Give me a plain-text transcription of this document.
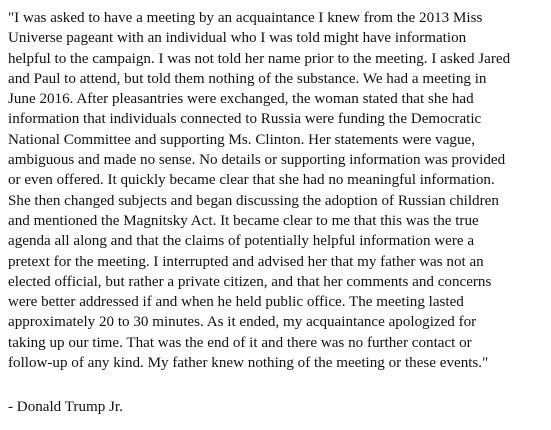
"I was asked to have a meeting by an acquaintance I knew from the 2013 Miss
Universe pageant with an individual who I was told might have information
helpful to the campaign. I was not told her name prior to the meeting. I asked Jared
and Paul to attend, but told them nothing of the substance. We had a meeting in
June 2016. After pleasantries were exchanged, the woman stated that she had
information that individuals connected to Russia were funding the Democratic
National Committee and supporting Ms. Clinton. Her statements were vague,
ambiguous and made no sense. No details or supporting information was provided
or even offered. It quickly became clear that she had no meaningful information.
She then changed subjects and began discussing the adoption of Russian children
and mentioned the Magnitsky Act. It became clear to me that this was the true
agenda all along and that the claims of potentially helpful information were a
pretext for the meeting. I interrupted and advised her that my father was not an
elected official, but rather a private citizen, and that her comments and concerns
were better addressed if and when he held public office. The meeting lasted
approximately 20 to 30 minutes. As it ended, my acquaintance apologized for
taking up our time. That was the end of it and there was no further contact or
follow-up of any kind. My father knew nothing of the meeting or these events."

- Donald Trump Jr.
